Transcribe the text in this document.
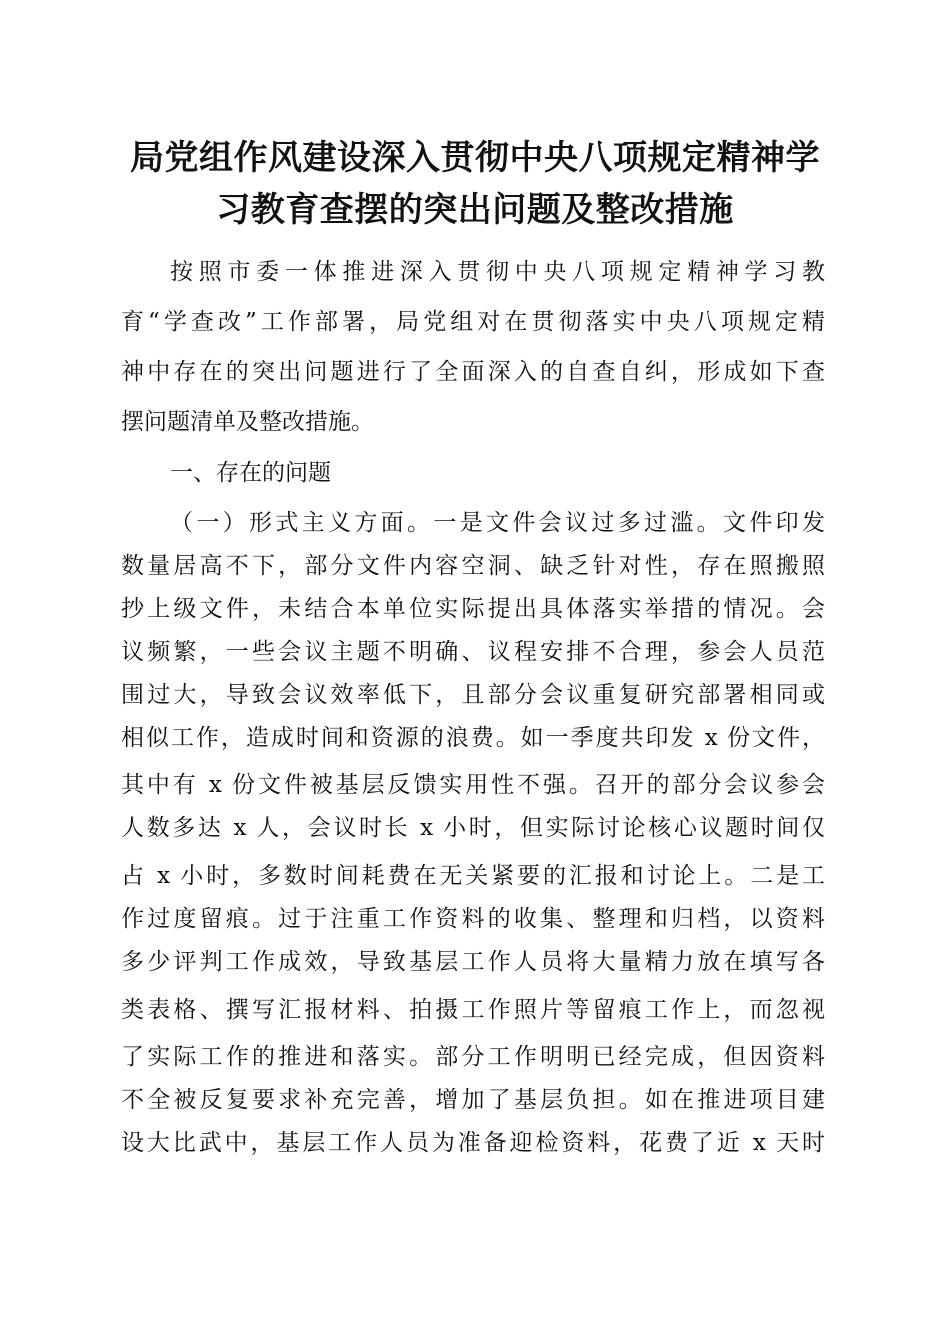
局党组作风建设深入贯彻中央八项规定精神学
习教育查摆的突出问题及整改措施
按照市委一体推进深入贯彻中央八项规定精神学习教
育“学查改”工作部署，局党组对在贯彻落实中央八项规定精
神中存在的突出问题进行了全面深入的自查自纠，形成如下查
摆问题清单及整改措施。
一、存在的问题
（一）形式主义方面。一是文件会议过多过滥。文件印发
数量居高不下，部分文件内容空洞、缺乏针对性，存在照搬照
抄上级文件，未结合本单位实际提出具体落实举措的情况。会
议频繁，一些会议主题不明确、议程安排不合理，参会人员范
围过大，导致会议效率低下，且部分会议重复研究部署相同或
相似工作，造成时间和资源的浪费。如一季度共印发 x 份文件，
其中有 x 份文件被基层反馈实用性不强。召开的部分会议参会
人数多达 x 人，会议时长 x 小时，但实际讨论核心议题时间仅
占 x 小时，多数时间耗费在无关紧要的汇报和讨论上。二是工
作过度留痕。过于注重工作资料的收集、整理和归档，以资料
多少评判工作成效，导致基层工作人员将大量精力放在填写各
类表格、撰写汇报材料、拍摄工作照片等留痕工作上，而忽视
了实际工作的推进和落实。部分工作明明已经完成，但因资料
不全被反复要求补充完善，增加了基层负担。如在推进项目建
设大比武中，基层工作人员为准备迎检资料，花费了近 x 天时
